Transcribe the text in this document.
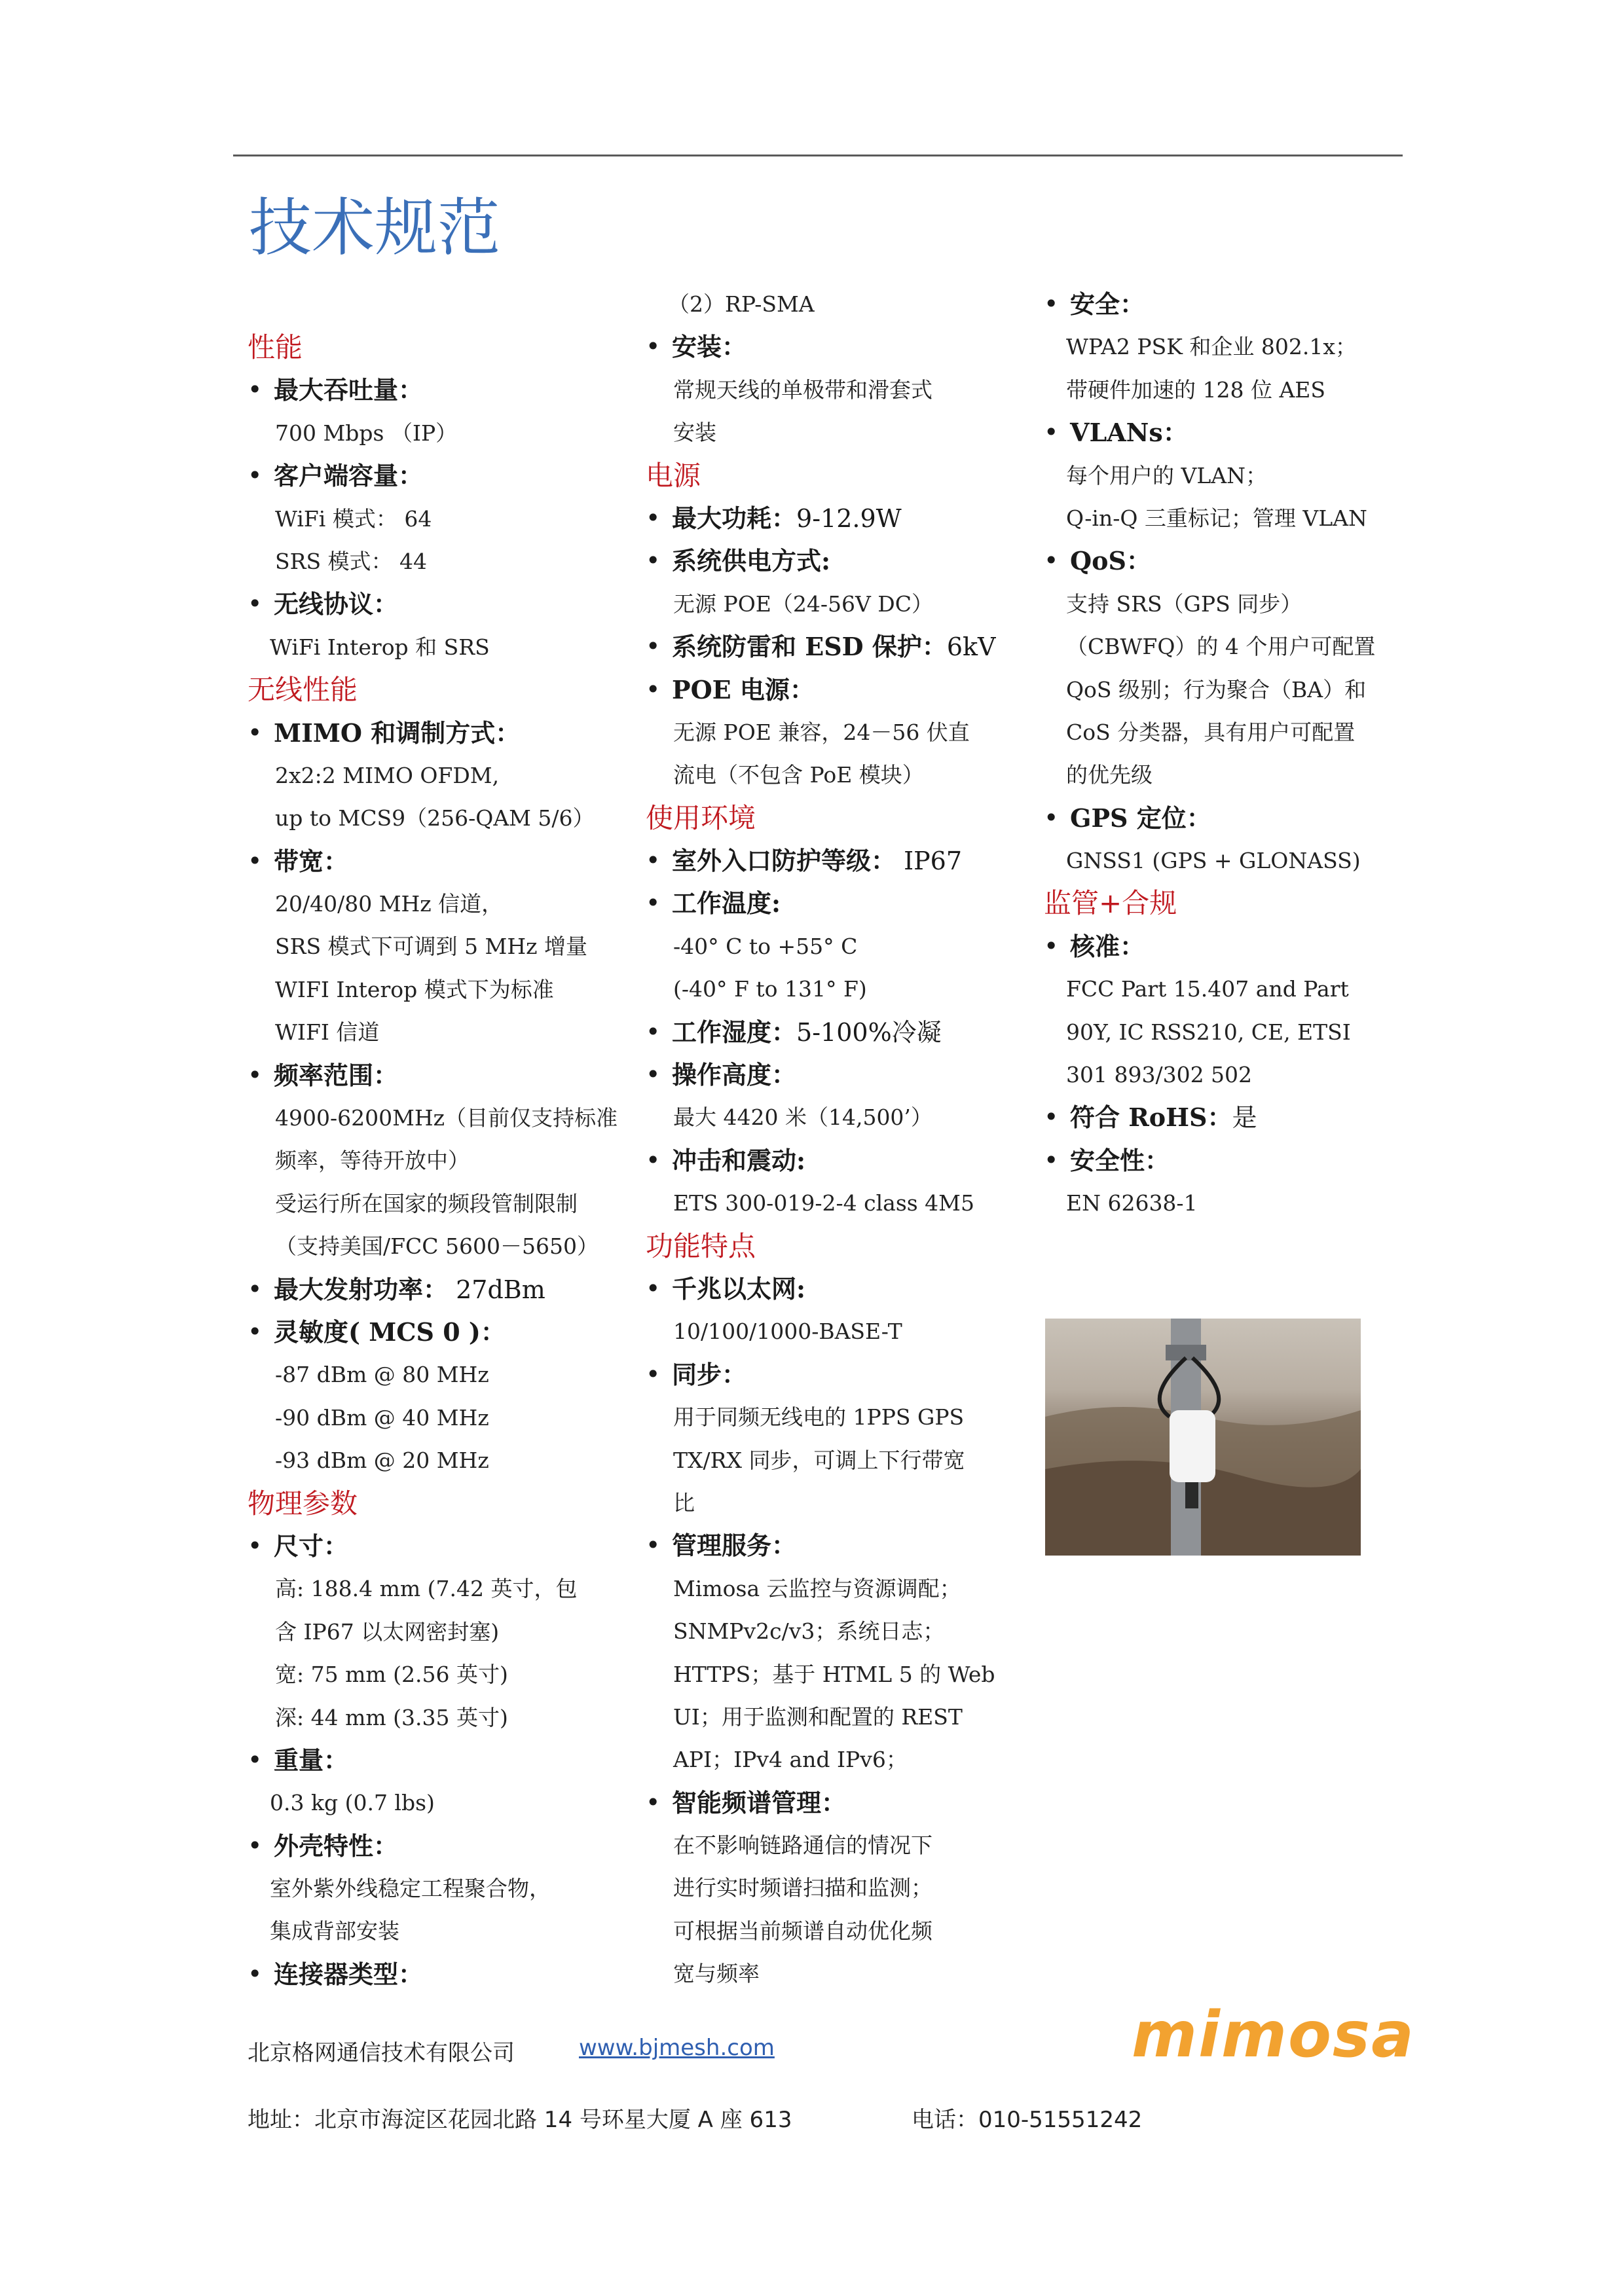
技术规范
性能
• 最大吞吐量：
700 Mbps （IP）
• 客户端容量：
WiFi 模式： 64
SRS 模式： 44
• 无线协议：
WiFi Interop 和 SRS
无线性能
• MIMO 和调制方式：
2x2:2 MIMO OFDM,
up to MCS9（256-QAM 5/6）
• 带宽：
20/40/80 MHz 信道，
SRS 模式下可调到 5 MHz 增量
WIFI Interop 模式下为标准
WIFI 信道
• 频率范围：
4900-6200MHz（目前仅支持标准
频率，等待开放中）
受运行所在国家的频段管制限制
（支持美国/FCC 5600－5650）
• 最大发射功率： 27dBm
• 灵敏度( MCS 0 )：
-87 dBm @ 80 MHz
-90 dBm @ 40 MHz
-93 dBm @ 20 MHz
物理参数
• 尺寸：
高: 188.4 mm (7.42 英寸，包
含 IP67 以太网密封塞)
宽: 75 mm (2.56 英寸)
深: 44 mm (3.35 英寸)
• 重量：
0.3 kg (0.7 lbs)
• 外壳特性：
室外紫外线稳定工程聚合物，
集成背部安装
• 连接器类型：
（2）RP-SMA
• 安装：
常规天线的单极带和滑套式
安装
电源
• 最大功耗：9-12.9W
• 系统供电方式:
无源 POE（24-56V DC）
• 系统防雷和 ESD 保护：6kV
• POE 电源：
无源 POE 兼容，24－56 伏直
流电（不包含 PoE 模块）
使用环境
• 室外入口防护等级： IP67
• 工作温度:
-40° C to +55° C
(-40° F to 131° F)
• 工作湿度：5-100%冷凝
• 操作高度：
最大 4420 米（14,500’）
• 冲击和震动:
ETS 300-019-2-4 class 4M5
功能特点
• 千兆以太网:
10/100/1000-BASE-T
• 同步：
用于同频无线电的 1PPS GPS
TX/RX 同步，可调上下行带宽
比
• 管理服务：
Mimosa 云监控与资源调配；
SNMPv2c/v3；系统日志；
HTTPS；基于 HTML 5 的 Web
UI；用于监测和配置的 REST
API；IPv4 and IPv6；
• 智能频谱管理：
在不影响链路通信的情况下
进行实时频谱扫描和监测；
可根据当前频谱自动优化频
宽与频率
• 安全：
WPA2 PSK 和企业 802.1x；
带硬件加速的 128 位 AES
• VLANs：
每个用户的 VLAN；
Q-in-Q 三重标记；管理 VLAN
• QoS：
支持 SRS（GPS 同步）
（CBWFQ）的 4 个用户可配置
QoS 级别；行为聚合（BA）和
CoS 分类器，具有用户可配置
的优先级
• GPS 定位：
GNSS1 (GPS + GLONASS)
监管+合规
• 核准：
FCC Part 15.407 and Part
90Y, IC RSS210, CE, ETSI
301 893/302 502
• 符合 RoHS：是
• 安全性：
EN 62638-1
北京格网通信技术有限公司	www.bjmesh.com
地址：北京市海淀区花园北路 14 号环星大厦 A 座 613	电话：010-51551242
mimosa
